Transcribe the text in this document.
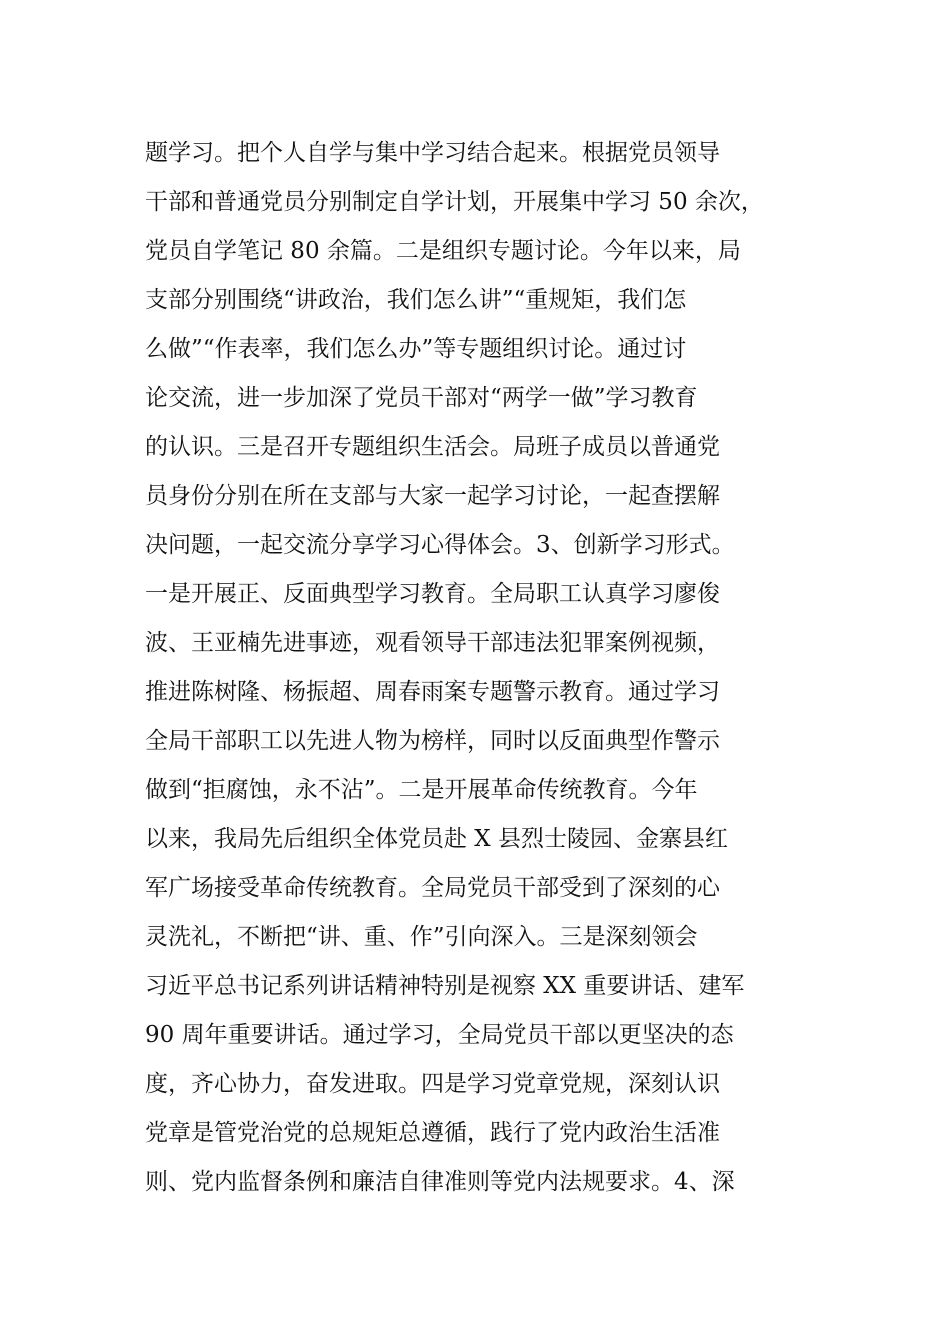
题学习。把个人自学与集中学习结合起来。根据党员领导
干部和普通党员分别制定自学计划，开展集中学习 50 余次，
党员自学笔记 80 余篇。二是组织专题讨论。今年以来，局
支部分别围绕“讲政治，我们怎么讲”“重规矩，我们怎
么做”“作表率，我们怎么办”等专题组织讨论。通过讨
论交流，进一步加深了党员干部对“两学一做”学习教育
的认识。三是召开专题组织生活会。局班子成员以普通党
员身份分别在所在支部与大家一起学习讨论，一起查摆解
决问题，一起交流分享学习心得体会。3、创新学习形式。
一是开展正、反面典型学习教育。全局职工认真学习廖俊
波、王亚楠先进事迹，观看领导干部违法犯罪案例视频，
推进陈树隆、杨振超、周春雨案专题警示教育。通过学习
全局干部职工以先进人物为榜样，同时以反面典型作警示
做到“拒腐蚀，永不沾”。二是开展革命传统教育。今年
以来，我局先后组织全体党员赴 X 县烈士陵园、金寨县红
军广场接受革命传统教育。全局党员干部受到了深刻的心
灵洗礼，不断把“讲、重、作”引向深入。三是深刻领会
习近平总书记系列讲话精神特别是视察 XX 重要讲话、建军
90 周年重要讲话。通过学习，全局党员干部以更坚决的态
度，齐心协力，奋发进取。四是学习党章党规，深刻认识
党章是管党治党的总规矩总遵循，践行了党内政治生活准
则、党内监督条例和廉洁自律准则等党内法规要求。4、深
